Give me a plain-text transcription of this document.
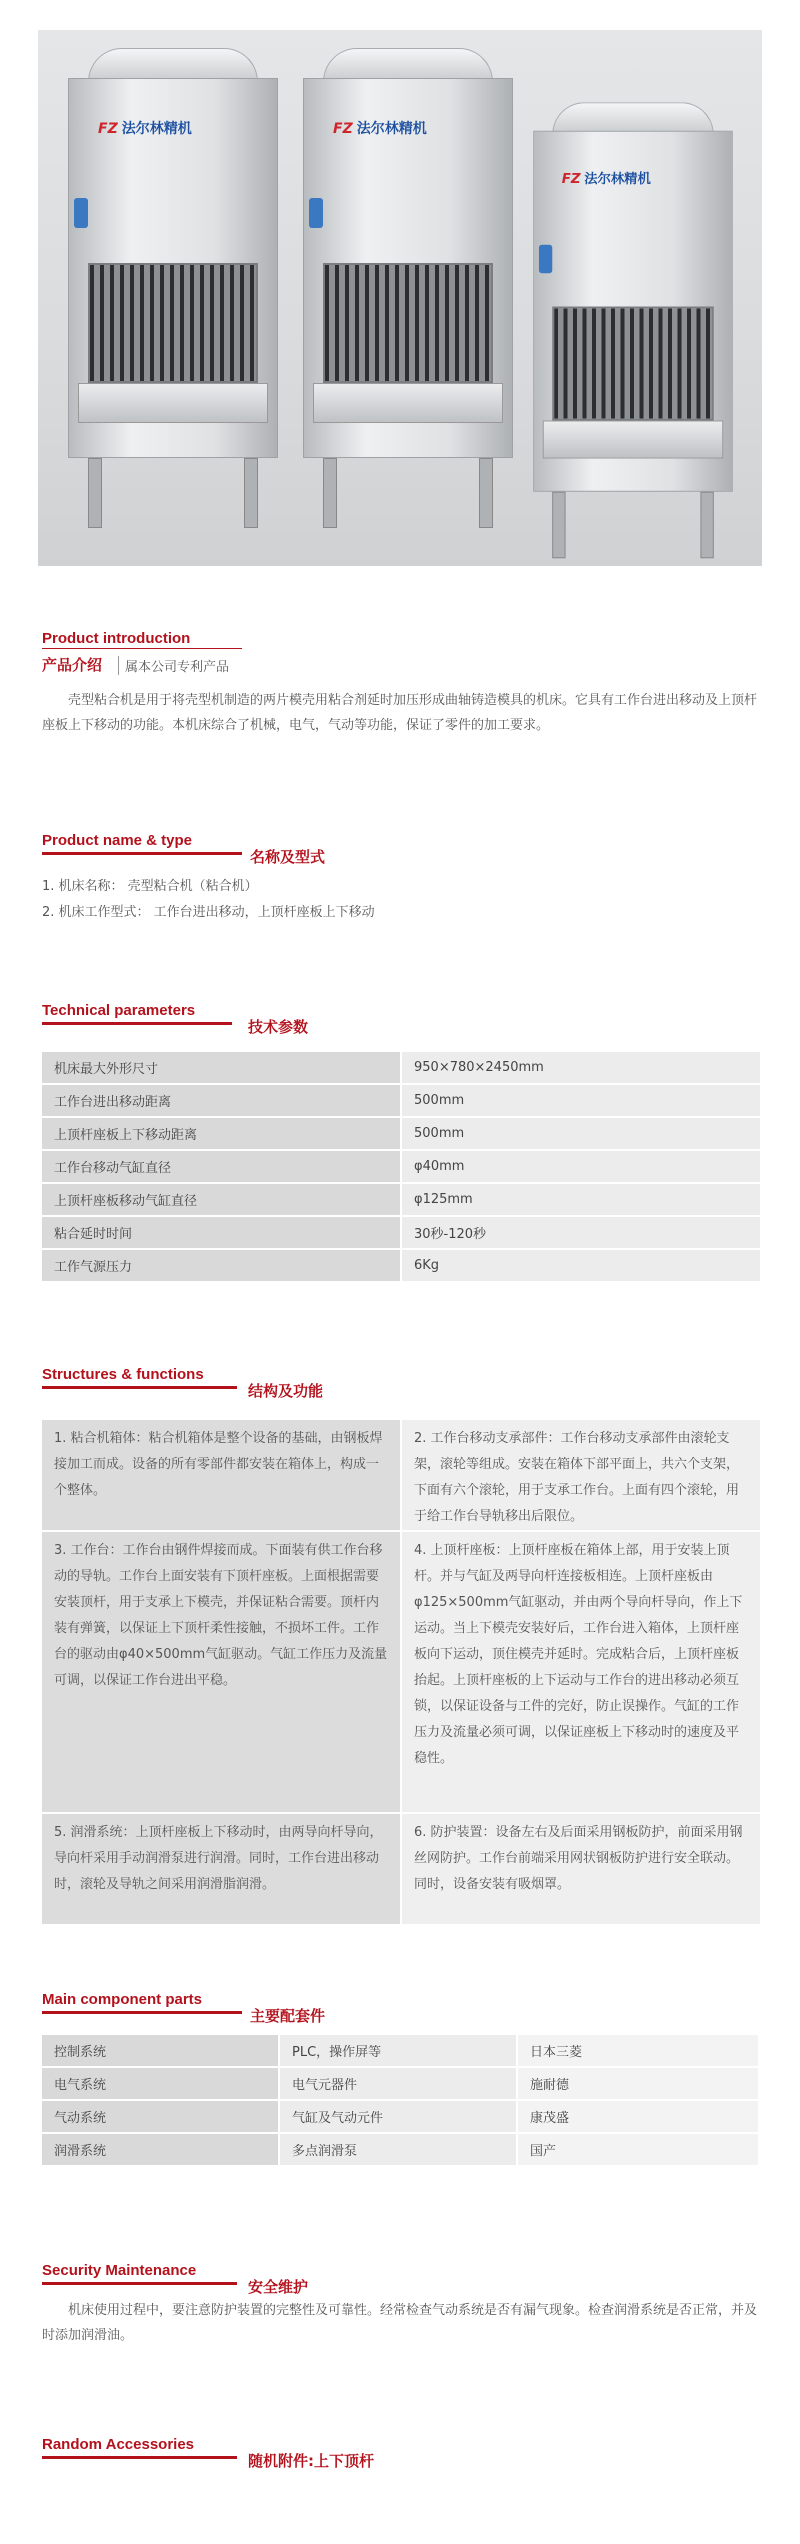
FZ 法尔林精机	FZ 法尔林精机
FZ 法尔林精机
Product introduction
产品介绍	属本公司专利产品
壳型粘合机是用于将壳型机制造的两片模壳用粘合剂延时加压形成曲轴铸造模具的机床。它具有工作台进出移动及上顶杆座板上下移动的功能。本机床综合了机械，电气，气动等功能，保证了零件的加工要求。
Product name & type
名称及型式
1. 机床名称： 壳型粘合机（粘合机）
2. 机床工作型式： 工作台进出移动，上顶杆座板上下移动
Technical parameters
技术参数
机床最大外形尺寸	950×780×2450mm
工作台进出移动距离	500mm
上顶杆座板上下移动距离	500mm
工作台移动气缸直径	φ40mm
上顶杆座板移动气缸直径	φ125mm
粘合延时时间	30秒-120秒
工作气源压力	6Kg
Structures & functions
结构及功能
1. 粘合机箱体：粘合机箱体是整个设备的基础，由钢板焊接加工而成。设备的所有零部件都安装在箱体上，构成一个整体。
2. 工作台移动支承部件：工作台移动支承部件由滚轮支架，滚轮等组成。安装在箱体下部平面上，共六个支架，下面有六个滚轮，用于支承工作台。上面有四个滚轮，用于给工作台导轨移出后限位。
3. 工作台：工作台由钢件焊接而成。下面装有供工作台移动的导轨。工作台上面安装有下顶杆座板。上面根据需要安装顶杆，用于支承上下模壳，并保证粘合需要。顶杆内装有弹簧，以保证上下顶杆柔性接触，不损坏工件。工作台的驱动由φ40×500mm气缸驱动。气缸工作压力及流量可调，以保证工作台进出平稳。
4. 上顶杆座板：上顶杆座板在箱体上部，用于安装上顶杆。并与气缸及两导向杆连接板相连。上顶杆座板由φ125×500mm气缸驱动，并由两个导向杆导向，作上下运动。当上下模壳安装好后，工作台进入箱体，上顶杆座板向下运动，顶住模壳并延时。完成粘合后，上顶杆座板抬起。上顶杆座板的上下运动与工作台的进出移动必须互锁，以保证设备与工件的完好，防止误操作。气缸的工作压力及流量必须可调，以保证座板上下移动时的速度及平稳性。
5. 润滑系统：上顶杆座板上下移动时，由两导向杆导向，导向杆采用手动润滑泵进行润滑。同时，工作台进出移动时，滚轮及导轨之间采用润滑脂润滑。
6. 防护装置：设备左右及后面采用钢板防护，前面采用钢丝网防护。工作台前端采用网状钢板防护进行安全联动。同时，设备安装有吸烟罩。
Main component parts
主要配套件
控制系统	PLC，操作屏等	日本三菱
电气系统	电气元器件	施耐德
气动系统	气缸及气动元件	康茂盛
润滑系统	多点润滑泵	国产
Security Maintenance
安全维护
机床使用过程中，要注意防护装置的完整性及可靠性。经常检查气动系统是否有漏气现象。检查润滑系统是否正常，并及时添加润滑油。
Random Accessories
随机附件:上下顶杆
